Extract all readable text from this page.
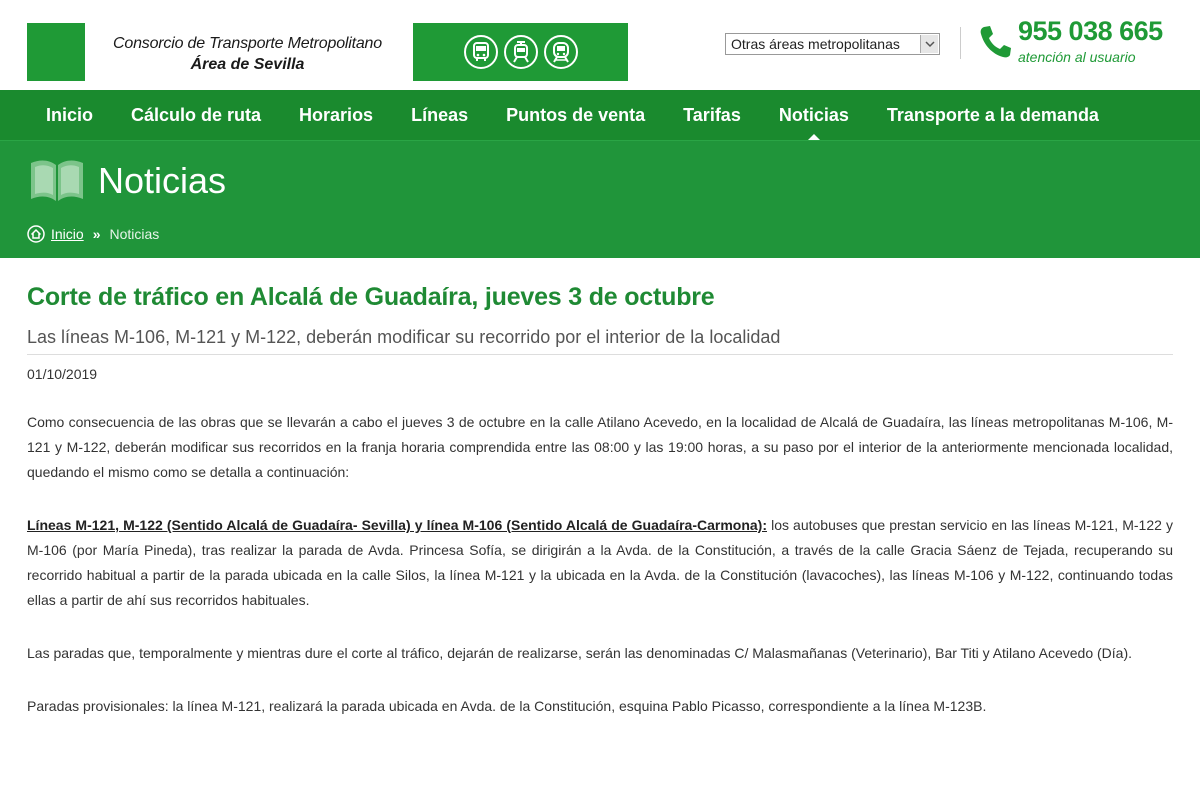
Consorcio de Transporte Metropolitano
Área de Sevilla
Otras áreas metropolitanas	955 038 665
atención al usuario
Inicio	Cálculo de ruta	Horarios	Líneas	Puntos de venta	Tarifas	Noticias	Transporte a la demanda
Noticias
Inicio » Noticias
Corte de tráfico en Alcalá de Guadaíra, jueves 3 de octubre
Las líneas M-106, M-121 y M-122, deberán modificar su recorrido por el interior de la localidad
01/10/2019

Como consecuencia de las obras que se llevarán a cabo el jueves 3 de octubre en la calle Atilano Acevedo, en la localidad de Alcalá de Guadaíra, las líneas metropolitanas M-106, M-121 y M-122, deberán modificar sus recorridos en la franja horaria comprendida entre las 08:00 y las 19:00 horas, a su paso por el interior de la anteriormente mencionada localidad, quedando el mismo como se detalla a continuación:

Líneas M-121, M-122 (Sentido Alcalá de Guadaíra- Sevilla) y línea M-106 (Sentido Alcalá de Guadaíra-Carmona): los autobuses que prestan servicio en las líneas M-121, M-122 y M-106 (por María Pineda), tras realizar la parada de Avda. Princesa Sofía, se dirigirán a la Avda. de la Constitución, a través de la calle Gracia Sáenz de Tejada, recuperando su recorrido habitual a partir de la parada ubicada en la calle Silos, la línea M-121 y la ubicada en la Avda. de la Constitución (lavacoches), las líneas M-106 y M-122, continuando todas ellas a partir de ahí sus recorridos habituales.

Las paradas que, temporalmente y mientras dure el corte al tráfico, dejarán de realizarse, serán las denominadas C/ Malasmañanas (Veterinario), Bar Titi y Atilano Acevedo (Día).

Paradas provisionales: la línea M-121, realizará la parada ubicada en Avda. de la Constitución, esquina Pablo Picasso, correspondiente a la línea M-123B.
